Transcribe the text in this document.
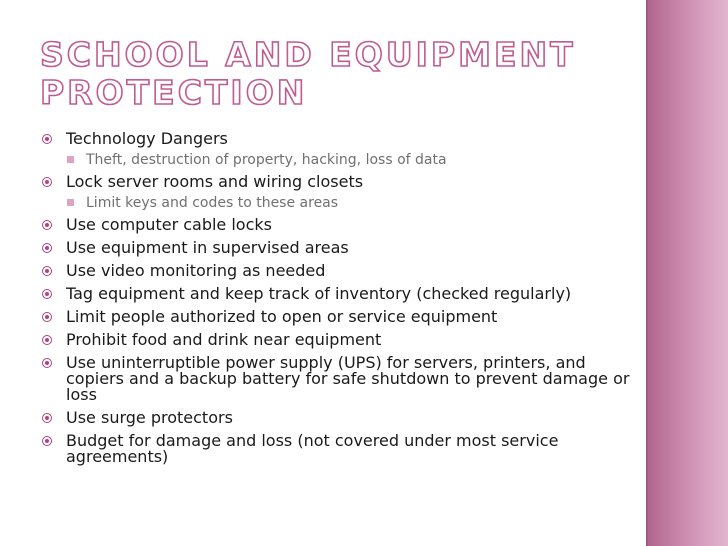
SCHOOL AND EQUIPMENT
PROTECTION
Technology Dangers
Theft, destruction of property, hacking, loss of data
Lock server rooms and wiring closets
Limit keys and codes to these areas
Use computer cable locks
Use equipment in supervised areas
Use video monitoring as needed
Tag equipment and keep track of inventory (checked regularly)
Limit people authorized to open or service equipment
Prohibit food and drink near equipment
Use uninterruptible power supply (UPS) for servers, printers, and copiers and a backup battery for safe shutdown to prevent damage or loss
Use surge protectors
Budget for damage and loss (not covered under most service agreements)
